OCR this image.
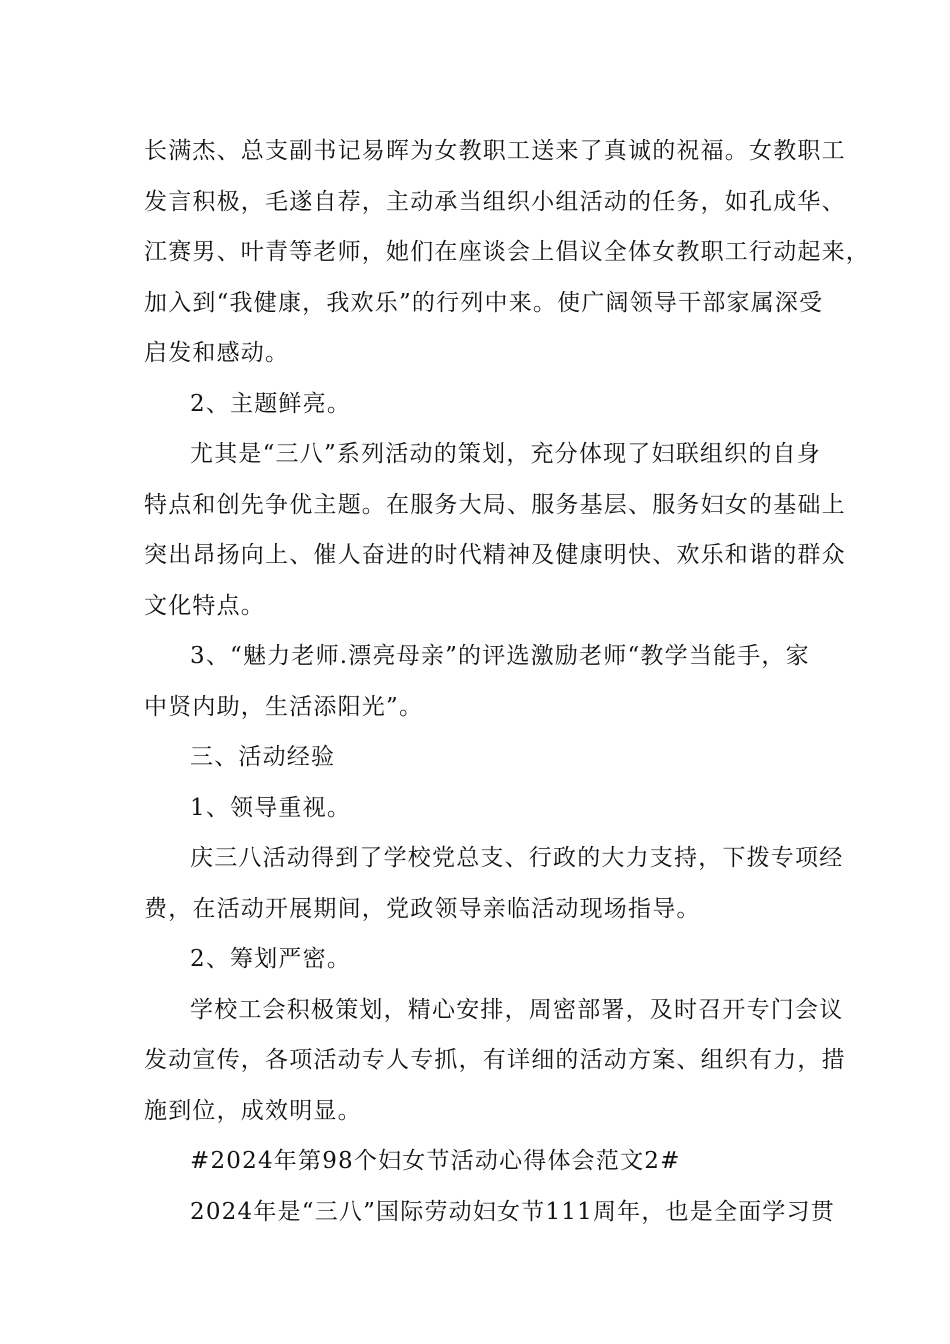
长满杰、总支副书记易晖为女教职工送来了真诚的祝福。女教职工
发言积极，毛遂自荐，主动承当组织小组活动的任务，如孔成华、
江赛男、叶青等老师，她们在座谈会上倡议全体女教职工行动起来，
加入到“我健康，我欢乐”的行列中来。使广阔领导干部家属深受
启发和感动。
2、主题鲜亮。
尤其是“三八”系列活动的策划，充分体现了妇联组织的自身
特点和创先争优主题。在服务大局、服务基层、服务妇女的基础上
突出昂扬向上、催人奋进的时代精神及健康明快、欢乐和谐的群众
文化特点。
3、“魅力老师.漂亮母亲”的评选激励老师“教学当能手，家
中贤内助，生活添阳光”。
三、活动经验
1、领导重视。
庆三八活动得到了学校党总支、行政的大力支持，下拨专项经
费，在活动开展期间，党政领导亲临活动现场指导。
2、筹划严密。
学校工会积极策划，精心安排，周密部署，及时召开专门会议
发动宣传，各项活动专人专抓，有详细的活动方案、组织有力，措
施到位，成效明显。
#2024年第98个妇女节活动心得体会范文2#
2024年是“三八”国际劳动妇女节111周年，也是全面学习贯
